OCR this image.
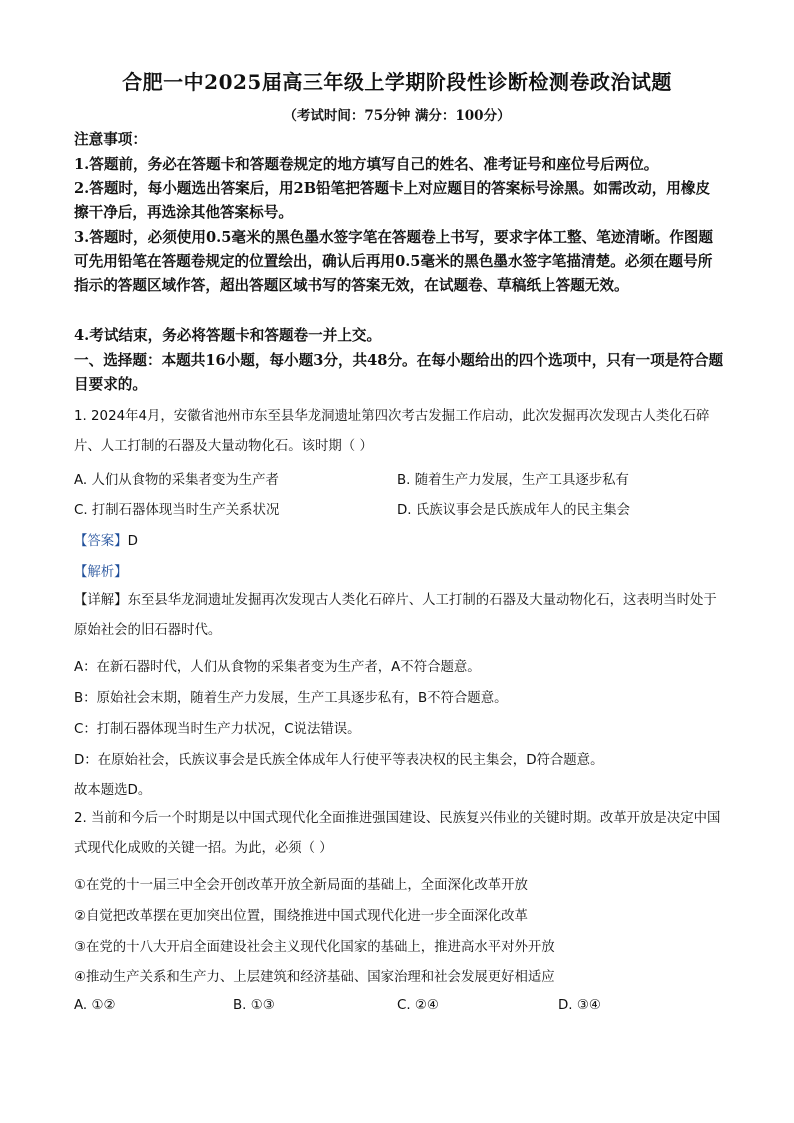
合肥一中2025届高三年级上学期阶段性诊断检测卷政治试题
（考试时间：75分钟 满分：100分）
注意事项：
1.答题前，务必在答题卡和答题卷规定的地方填写自己的姓名、准考证号和座位号后两位。
2.答题时，每小题选出答案后，用2B铅笔把答题卡上对应题目的答案标号涂黑。如需改动，用橡皮擦干净后，再选涂其他答案标号。
3.答题时，必须使用0.5毫米的黑色墨水签字笔在答题卷上书写，要求字体工整、笔迹清晰。作图题可先用铅笔在答题卷规定的位置绘出，确认后再用0.5毫米的黑色墨水签字笔描清楚。必须在题号所指示的答题区域作答，超出答题区域书写的答案无效，在试题卷、草稿纸上答题无效。
4.考试结束，务必将答题卡和答题卷一并上交。
一、选择题：本题共16小题，每小题3分，共48分。在每小题给出的四个选项中，只有一项是符合题目要求的。
1. 2024年4月，安徽省池州市东至县华龙洞遗址第四次考古发掘工作启动，此次发掘再次发现古人类化石碎片、人工打制的石器及大量动物化石。该时期（ ）
A. 人们从食物的采集者变为生产者	B. 随着生产力发展，生产工具逐步私有
C. 打制石器体现当时生产关系状况	D. 氏族议事会是氏族成年人的民主集会
【答案】D
【解析】
【详解】东至县华龙洞遗址发掘再次发现古人类化石碎片、人工打制的石器及大量动物化石，这表明当时处于原始社会的旧石器时代。
A：在新石器时代，人们从食物的采集者变为生产者，A不符合题意。
B：原始社会末期，随着生产力发展，生产工具逐步私有，B不符合题意。
C：打制石器体现当时生产力状况，C说法错误。
D：在原始社会，氏族议事会是氏族全体成年人行使平等表决权的民主集会，D符合题意。
故本题选D。
2. 当前和今后一个时期是以中国式现代化全面推进强国建设、民族复兴伟业的关键时期。改革开放是决定中国式现代化成败的关键一招。为此，必须（ ）
①在党的十一届三中全会开创改革开放全新局面的基础上，全面深化改革开放
②自觉把改革摆在更加突出位置，围绕推进中国式现代化进一步全面深化改革
③在党的十八大开启全面建设社会主义现代化国家的基础上，推进高水平对外开放
④推动生产关系和生产力、上层建筑和经济基础、国家治理和社会发展更好相适应
A. ①②	B. ①③	C. ②④	D. ③④
